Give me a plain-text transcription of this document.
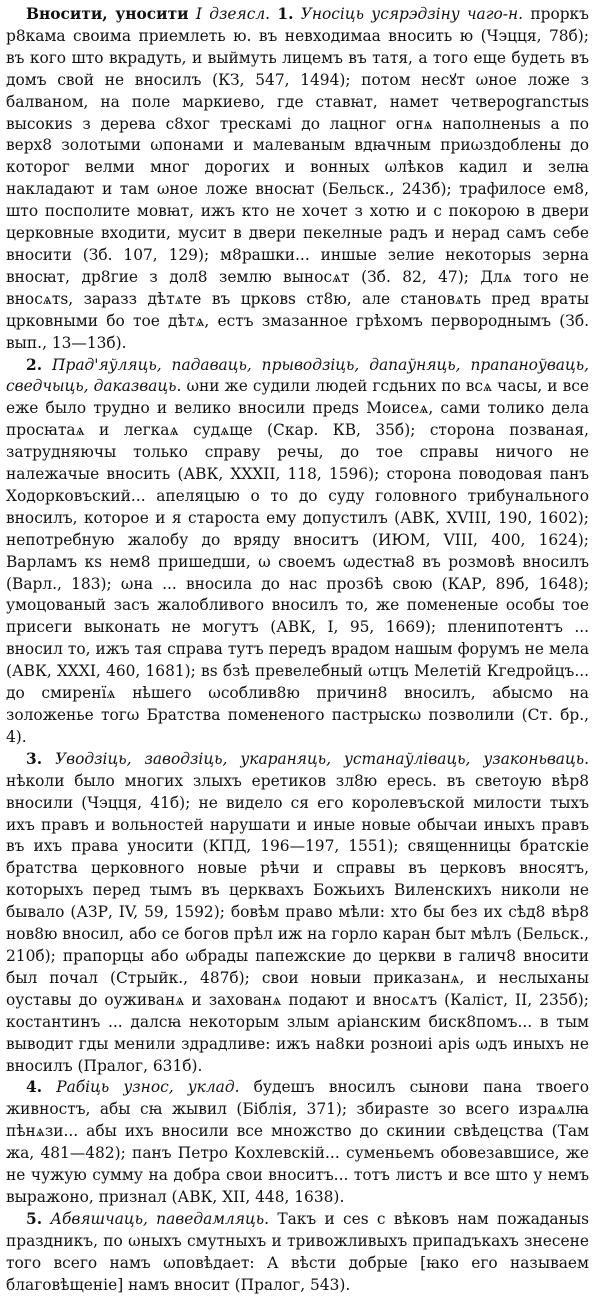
Вносити, уносити I дзеясл. 1. Уносіць усярэдзіну чаго-н. проркъ р8кама своима приемлеть ю. въ невходимаа вносить ю (Чэцця, 78б); въ кого што вкрадуть, и выймуть лицемъ въ татя, а того еще будеть въ домъ свой не вносилъ (КЗ, 547, 1494); потом несꙋт ωное ложе з балваном, на поле маркиево, где ставꙗт, намет четвероgranстыs высокиs з дерева с8хог трескамі до лацног огнѧ наполненыs а по верх8 золотыми ωпонами и малеваным вдꙗчным приωздоблены до которог велми мног дорогих и вонных ωлѣков кадил и зелꙗ накладают и там ωное ложе вносꙗт (Бельск., 243б); трафилосе ем8, што посполите мовꙗт, ижъ кто не хочет з хотю и с покорою в двери церковные входити, мусит в двери пекелные радъ и нерад самъ себе вносити (Зб. 107, 129); м8рашки... иншые зелие некоторыs зерна вносꙗт, др8гие з дол8 землю выносѧт (Зб. 82, 47); Длѧ того не вносѧтs, заразз дѣтѧте въ црковs ст8ю, але становѧть пред враты црковными бо тое дѣтѧ, естъ змазанное грѣхомъ первороднымъ (Зб. вып., 13—13б).

2. Прад'яўляць, падаваць, прыводзіць, дапаўняць, прапаноўваць, сведчыць, даказваць. ωни же судили людей гсдьних по всѧ часы, и все еже было трудно и велико вносили предs Моисеѧ, сами толико дела просꙗтаѧ и легкаѧ судѧще (Скар. КВ, 35б); сторона позваная, затрудняючы только справу речы, до тое справы ничого не належачые вносить (АВК, XXXII, 118, 1596); сторона поводовая панъ Ходорковъский... апеляцыю о то до суду головного трибунального вносилъ, которое и я староста ему допустилъ (АВК, XVIII, 190, 1602); непотребную жалобу до вряду вноситъ (ИЮМ, VIII, 400, 1624); Варламъ кs нем8 пришедши, ω своемъ ωдестꙗ8 въ розмовѣ вносилъ (Варл., 183); ωна ... вносила до нас проз6ѣ свою (КАР, 89б, 1648); умоцованый засъ жалобливого вносилъ то, же помененые особы тое присеги выконать не могутъ (АВК, I, 95, 1669); пленипотентъ ... вносил то, ижъ тая справа тутъ передъ врадом нашым форумъ не мела (АВК, XXXI, 460, 1681); вs бзѣ превелебный ωтцъ Мелетій Кгедройцъ... до смиренїѧ нҍшего ωсоблив8ю причин8 вносилъ, абысмо на золоженье тогω Братства помененого пастрыскω позволили (Ст. бр., 4).

3. Уводзіць, заводзіць, укараняць, устанаўліваць, узаконьваць. нѣколи было многих злыхъ еретиков зл8ю ересь. въ светоую вѣр8 вносили (Чэцця, 41б); не видело ся его королевъской милости тыхъ ихъ правъ и вольностей нарушати и иные новые обычаи иныхъ правъ въ ихъ права уносити (КПД, 196—197, 1551); священницы братскіе братства церковного новые рѣчи и справы въ церковъ вносятъ, которыхъ перед тымъ въ церквахъ Божьихъ Виленскихъ николи не бывало (АЗР, IV, 59, 1592); бовѣм право мѣли: хто бы без их сѣд8 вѣр8 нов8ю вносил, або се богов прѣл иж на горло каран быт мѣлъ (Бельск., 210б); прапорцы або ωбрады папежские до церкви в галич8 вносити был почал (Стрыйк., 487б); свои новыи приказанѧ, и неслыханы оуставы до оуживанѧ и захованѧ подают и вносѧтъ (Каліст, II, 235б); костантинъ ... далсꙗ некоторым злым аріанским биск8помъ... в тым выводит гды менили здрадливе: ижъ на8ки розноиі аріs ωдъ иныхъ не вносилъ (Пралог, 631б).

4. Рабіць узнос, уклад. будешъ вносилъ сынови пана твоего живностъ, абы сꙗ жывил (Біблія, 371); збираsте зо всего израѧлꙗ пѣнѧзи... абы ихъ вносили все множство до скинии свѣдецства (Там жа, 481—482); панъ Петро Кохлевскій... суменьемъ обовезавшисе, же не чужую сумму на добра свои вноситъ... тотъ листъ и все што у немъ выражоно, признал (АВК, XII, 448, 1638).

5. Абвяшчаць, паведамляць. Такъ и сеs с вѣковъ нам пожаданыs праздникъ, по ωныхъ смутныхъ и тривожливыхъ припадъкахъ знесене того всего намъ ωповѣдает: А вѣсти добрые [ꙗко его называем благовѣщеніе] намъ вносит (Пралог, 543).
